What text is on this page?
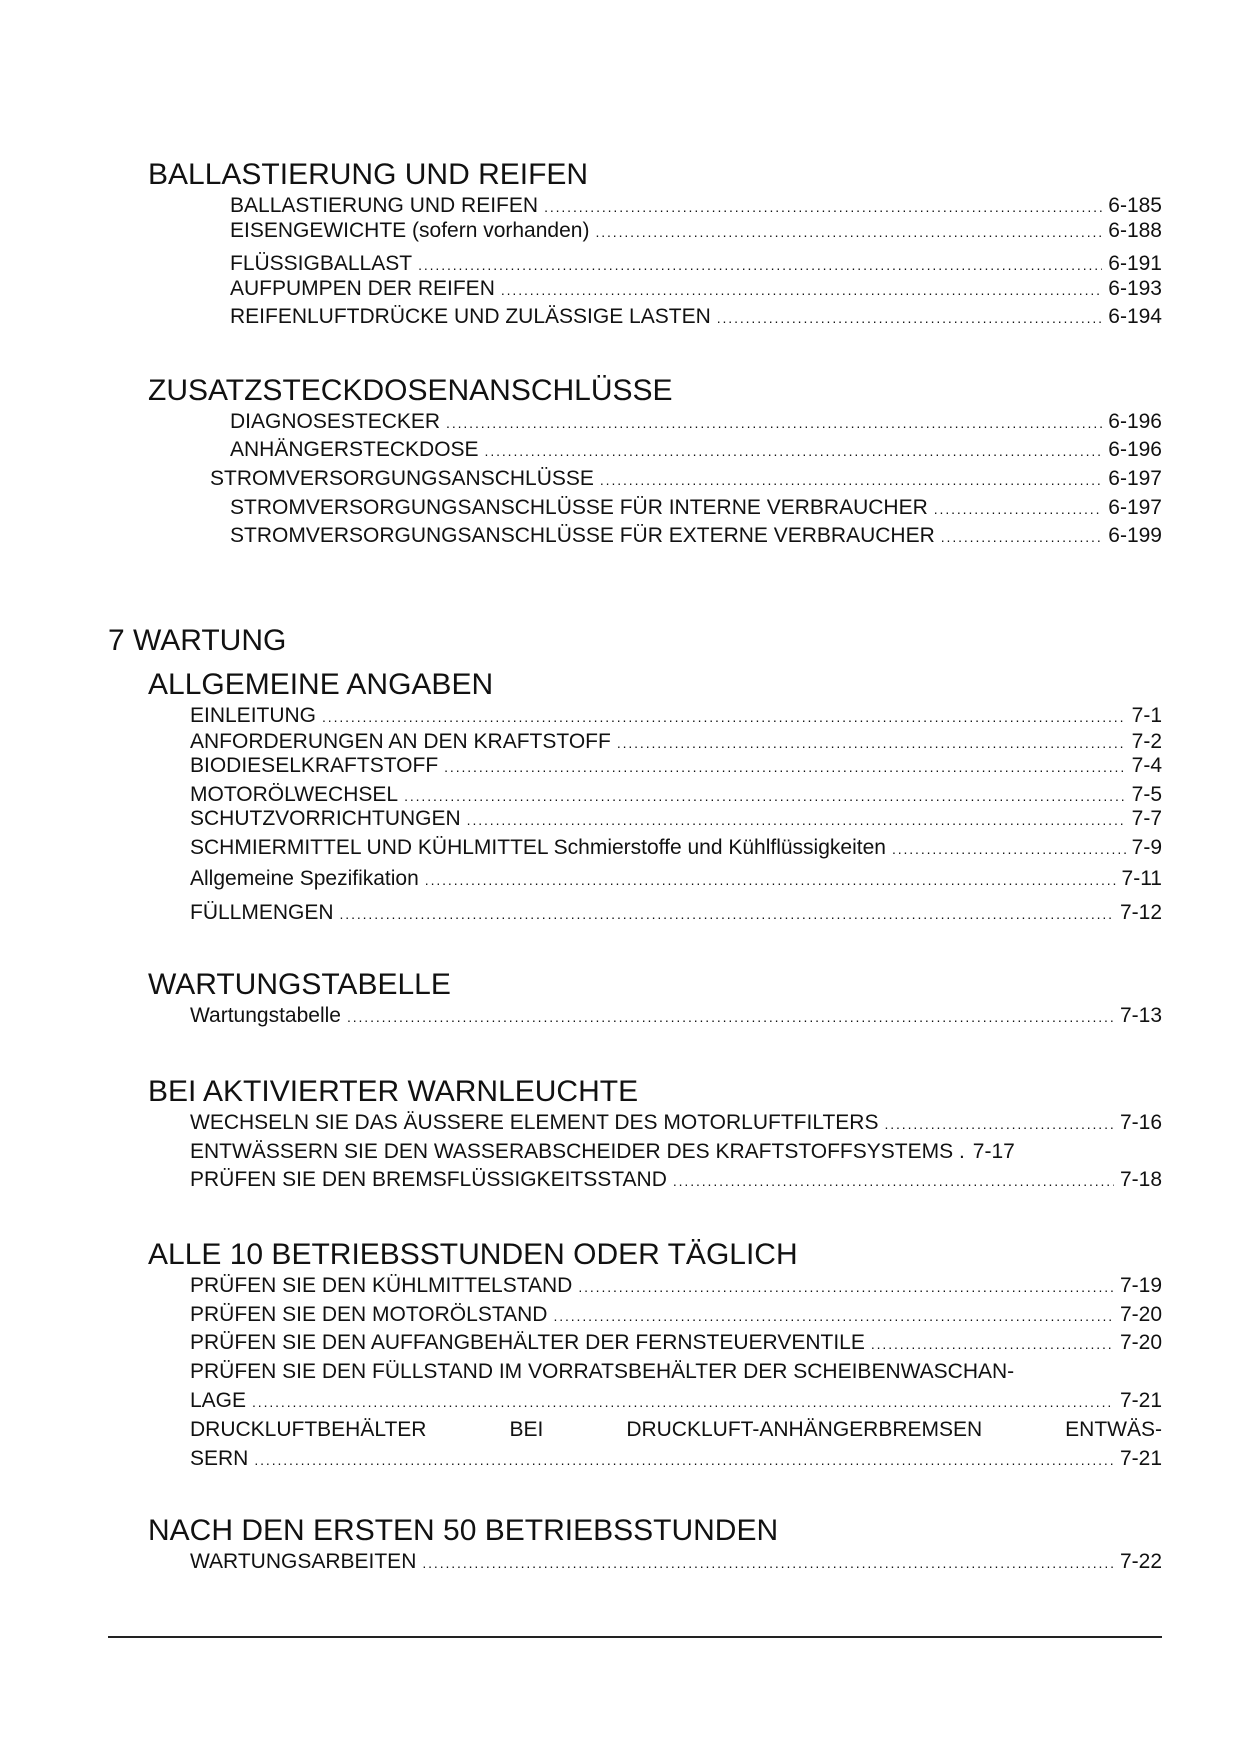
BALLASTIERUNG UND REIFEN
BALLASTIERUNG UND REIFEN . . .	6-185
EISENGEWICHTE (sofern vorhanden) . . .	6-188
FLÜSSIGBALLAST . . .	6-191
AUFPUMPEN DER REIFEN . . .	6-193
REIFENLUFTDRÜCKE UND ZULÄSSIGE LASTEN . . .	6-194
ZUSATZSTECKDOSENANSCHLÜSSE
DIAGNOSESTECKER . . .	6-196
ANHÄNGERSTECKDOSE . . .	6-196
STROMVERSORGUNGSANSCHLÜSSE . . .	6-197
STROMVERSORGUNGSANSCHLÜSSE FÜR INTERNE VERBRAUCHER . . .	6-197
STROMVERSORGUNGSANSCHLÜSSE FÜR EXTERNE VERBRAUCHER . . .	6-199
7 WARTUNG
ALLGEMEINE ANGABEN
EINLEITUNG . . .	7-1
ANFORDERUNGEN AN DEN KRAFTSTOFF . . .	7-2
BIODIESELKRAFTSTOFF . . .	7-4
MOTORÖLWECHSEL . . .	7-5
SCHUTZVORRICHTUNGEN . . .	7-7
SCHMIERMITTEL UND KÜHLMITTEL Schmierstoffe und Kühlflüssigkeiten . . .	7-9
Allgemeine Spezifikation . . .	7-11
FÜLLMENGEN . . .	7-12
WARTUNGSTABELLE
Wartungstabelle . . .	7-13
BEI AKTIVIERTER WARNLEUCHTE
WECHSELN SIE DAS ÄUSSERE ELEMENT DES MOTORLUFTFILTERS . . .	7-16
ENTWÄSSERN SIE DEN WASSERABSCHEIDER DES KRAFTSTOFFSYSTEMS . 7-17
PRÜFEN SIE DEN BREMSFLÜSSIGKEITSSTAND . . .	7-18
ALLE 10 BETRIEBSSTUNDEN ODER TÄGLICH
PRÜFEN SIE DEN KÜHLMITTELSTAND . . .	7-19
PRÜFEN SIE DEN MOTORÖLSTAND . . .	7-20
PRÜFEN SIE DEN AUFFANGBEHÄLTER DER FERNSTEUERVENTILE . . .	7-20
PRÜFEN SIE DEN FÜLLSTAND IM VORRATSBEHÄLTER DER SCHEIBENWASCHAN-
LAGE . . .	7-21
DRUCKLUFTBEHÄLTER	BEI	DRUCKLUFT-ANHÄNGERBREMSEN	ENTWÄS-
SERN . . .	7-21
NACH DEN ERSTEN 50 BETRIEBSSTUNDEN
WARTUNGSARBEITEN . . .	7-22
